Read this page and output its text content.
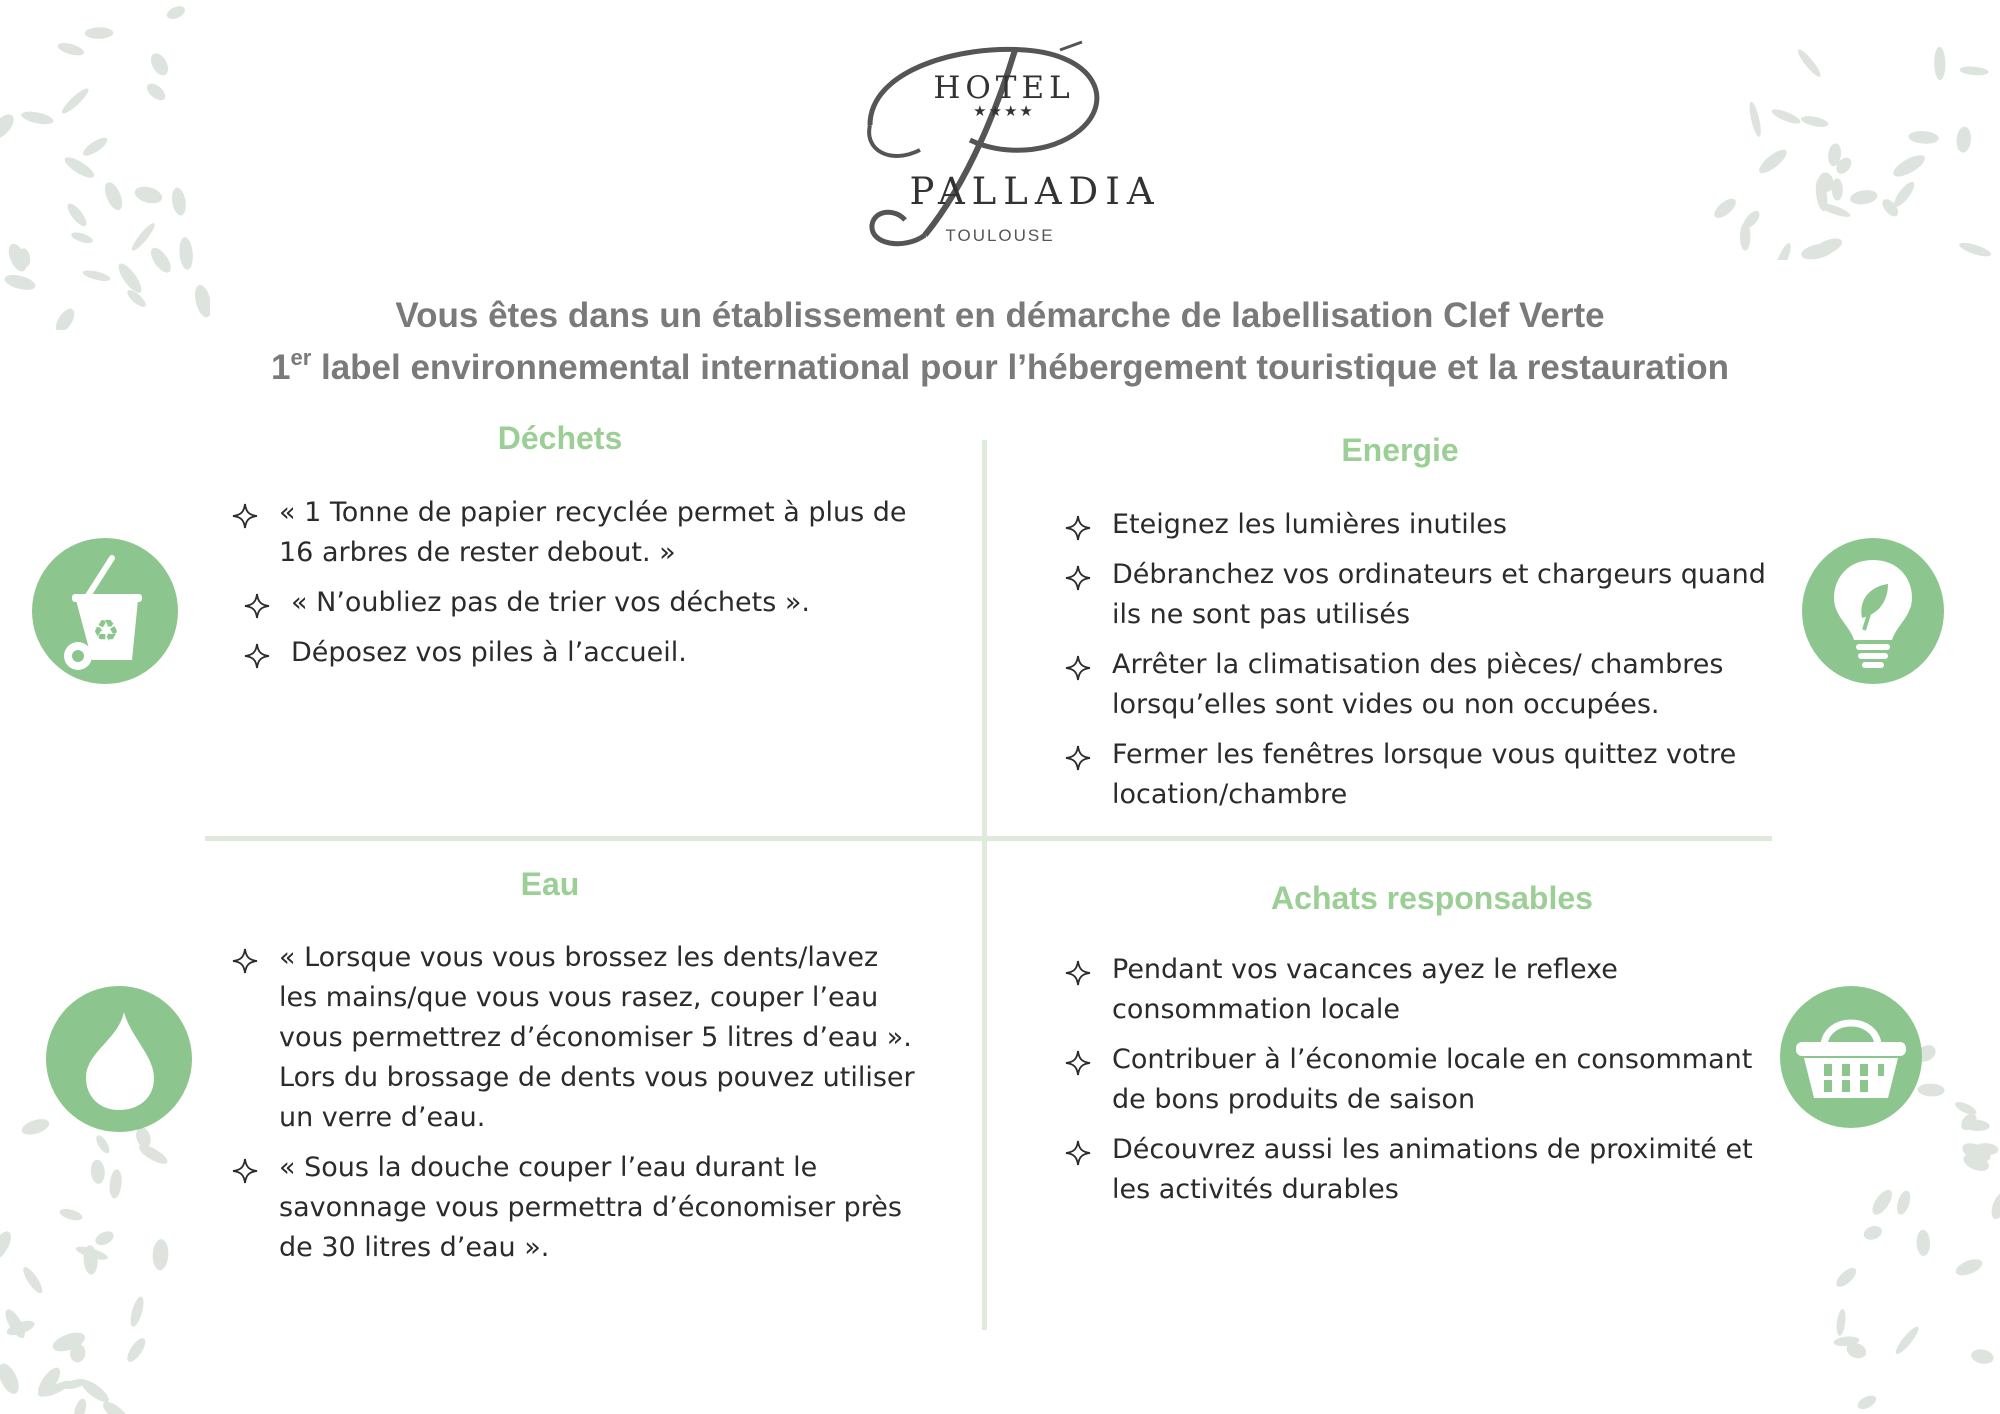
HOTEL
★★★★
PALLADIA
TOULOUSE
Vous êtes dans un établissement en démarche de labellisation Clef Verte
1er label environnemental international pour l’hébergement touristique et la restauration
Déchets
« 1 Tonne de papier recyclée permet à plus de 16 arbres de rester debout. »
« N’oubliez pas de trier vos déchets ».
Déposez vos piles à l’accueil.
Energie
Eteignez les lumières inutiles
Débranchez vos ordinateurs et chargeurs quand ils ne sont pas utilisés
Arrêter la climatisation des pièces/ chambres lorsqu’elles sont vides ou non occupées.
Fermer les fenêtres lorsque vous quittez votre location/chambre
Eau
« Lorsque vous vous brossez les dents/lavez les mains/que vous vous rasez, couper l’eau vous permettrez d’économiser 5 litres d’eau ». Lors du brossage de dents vous pouvez utiliser un verre d’eau.
« Sous la douche couper l’eau durant le savonnage vous permettra d’économiser près de 30 litres d’eau ».
Achats responsables
Pendant vos vacances ayez le reflexe consommation locale
Contribuer à l’économie locale en consommant de bons produits de saison
Découvrez aussi les animations de proximité et les activités durables
♻
